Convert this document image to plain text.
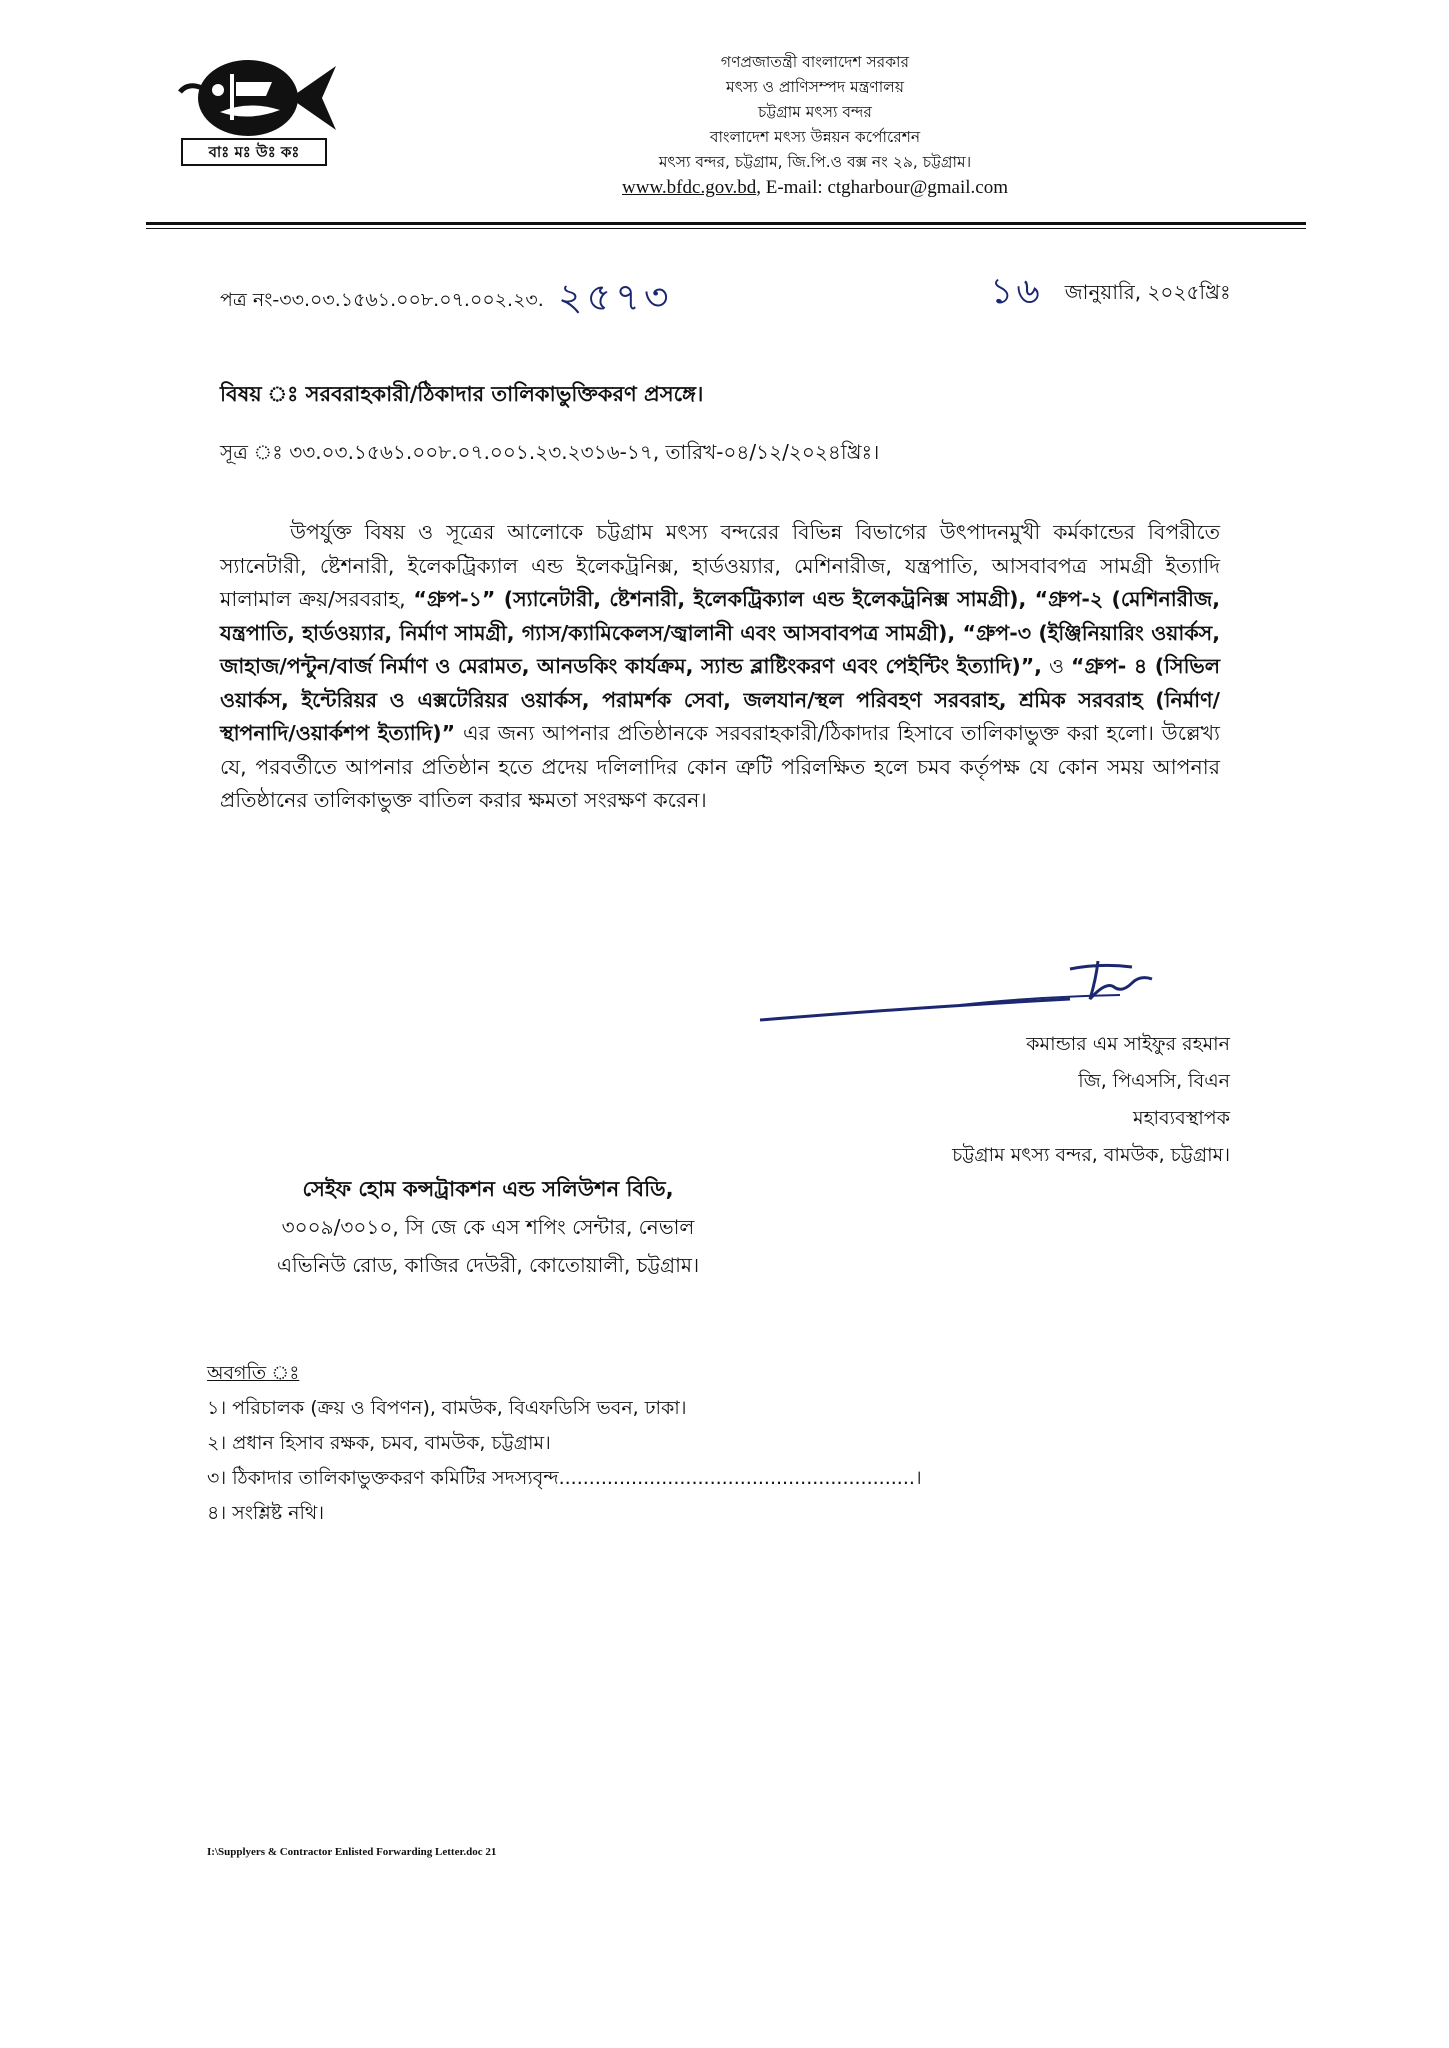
বাঃ মঃ উঃ কঃ
গণপ্রজাতন্ত্রী বাংলাদেশ সরকার
মৎস্য ও প্রাণিসম্পদ মন্ত্রণালয়
চট্টগ্রাম মৎস্য বন্দর
বাংলাদেশ মৎস্য উন্নয়ন কর্পোরেশন
মৎস্য বন্দর, চট্টগ্রাম, জি.পি.ও বক্স নং ২৯, চট্টগ্রাম।
www.bfdc.gov.bd, E-mail: ctgharbour@gmail.com
পত্র নং-৩৩.০৩.১৫৬১.০০৮.০৭.০০২.২৩. ২৫৭৩	১৬ জানুয়ারি, ২০২৫খ্রিঃ
বিষয় ঃ সরবরাহকারী/ঠিকাদার তালিকাভুক্তিকরণ প্রসঙ্গে।
সূত্র ঃ ৩৩.০৩.১৫৬১.০০৮.০৭.০০১.২৩.২৩১৬-১৭, তারিখ-০৪/১২/২০২৪খ্রিঃ।
উপর্যুক্ত বিষয় ও সূত্রের আলোকে চট্টগ্রাম মৎস্য বন্দরের বিভিন্ন বিভাগের উৎপাদনমুখী কর্মকান্ডের বিপরীতে স্যানেটারী, ষ্টেশনারী, ইলেকট্রিক্যাল এন্ড ইলেকট্রনিক্স, হার্ডওয়্যার, মেশিনারীজ, যন্ত্রপাতি, আসবাবপত্র সামগ্রী ইত্যাদি মালামাল ক্রয়/সরবরাহ, “গ্রুপ-১” (স্যানেটারী, ষ্টেশনারী, ইলেকট্রিক্যাল এন্ড ইলেকট্রনিক্স সামগ্রী), “গ্রুপ-২ (মেশিনারীজ, যন্ত্রপাতি, হার্ডওয়্যার, নির্মাণ সামগ্রী, গ্যাস/ক্যামিকেলস/জ্বালানী এবং আসবাবপত্র সামগ্রী), “গ্রুপ-৩ (ইঞ্জিনিয়ারিং ওয়ার্কস, জাহাজ/পন্টুন/বার্জ নির্মাণ ও মেরামত, আনডকিং কার্যক্রম, স্যান্ড ব্লাষ্টিংকরণ এবং পেইন্টিং ইত্যাদি)”, ও “গ্রুপ- ৪ (সিভিল ওয়ার্কস, ইন্টেরিয়র ও এক্সটেরিয়র ওয়ার্কস, পরামর্শক সেবা, জলযান/স্থল পরিবহণ সরবরাহ, শ্রমিক সরবরাহ (নির্মাণ/স্থাপনাদি/ওয়ার্কশপ ইত্যাদি)” এর জন্য আপনার প্রতিষ্ঠানকে সরবরাহকারী/ঠিকাদার হিসাবে তালিকাভুক্ত করা হলো। উল্লেখ্য যে, পরবর্তীতে আপনার প্রতিষ্ঠান হতে প্রদেয় দলিলাদির কোন ত্রুটি পরিলক্ষিত হলে চমব কর্তৃপক্ষ যে কোন সময় আপনার প্রতিষ্ঠানের তালিকাভুক্ত বাতিল করার ক্ষমতা সংরক্ষণ করেন।
কমান্ডার এম সাইফুর রহমান
জি, পিএসসি, বিএন
মহাব্যবস্থাপক
চট্টগ্রাম মৎস্য বন্দর, বামউক, চট্টগ্রাম।
সেইফ হোম কন্সট্রাকশন এন্ড সলিউশন বিডি,
৩০০৯/৩০১০, সি জে কে এস শপিং সেন্টার, নেভাল
এভিনিউ রোড, কাজির দেউরী, কোতোয়ালী, চট্টগ্রাম।
অবগতি ঃ
১। পরিচালক (ক্রয় ও বিপণন), বামউক, বিএফডিসি ভবন, ঢাকা।
২। প্রধান হিসাব রক্ষক, চমব, বামউক, চট্টগ্রাম।
৩। ঠিকাদার তালিকাভুক্তকরণ কমিটির সদস্যবৃন্দ...........................................................।
৪। সংশ্লিষ্ট নথি।
I:\Supplyers & Contractor Enlisted Forwarding Letter.doc 21
